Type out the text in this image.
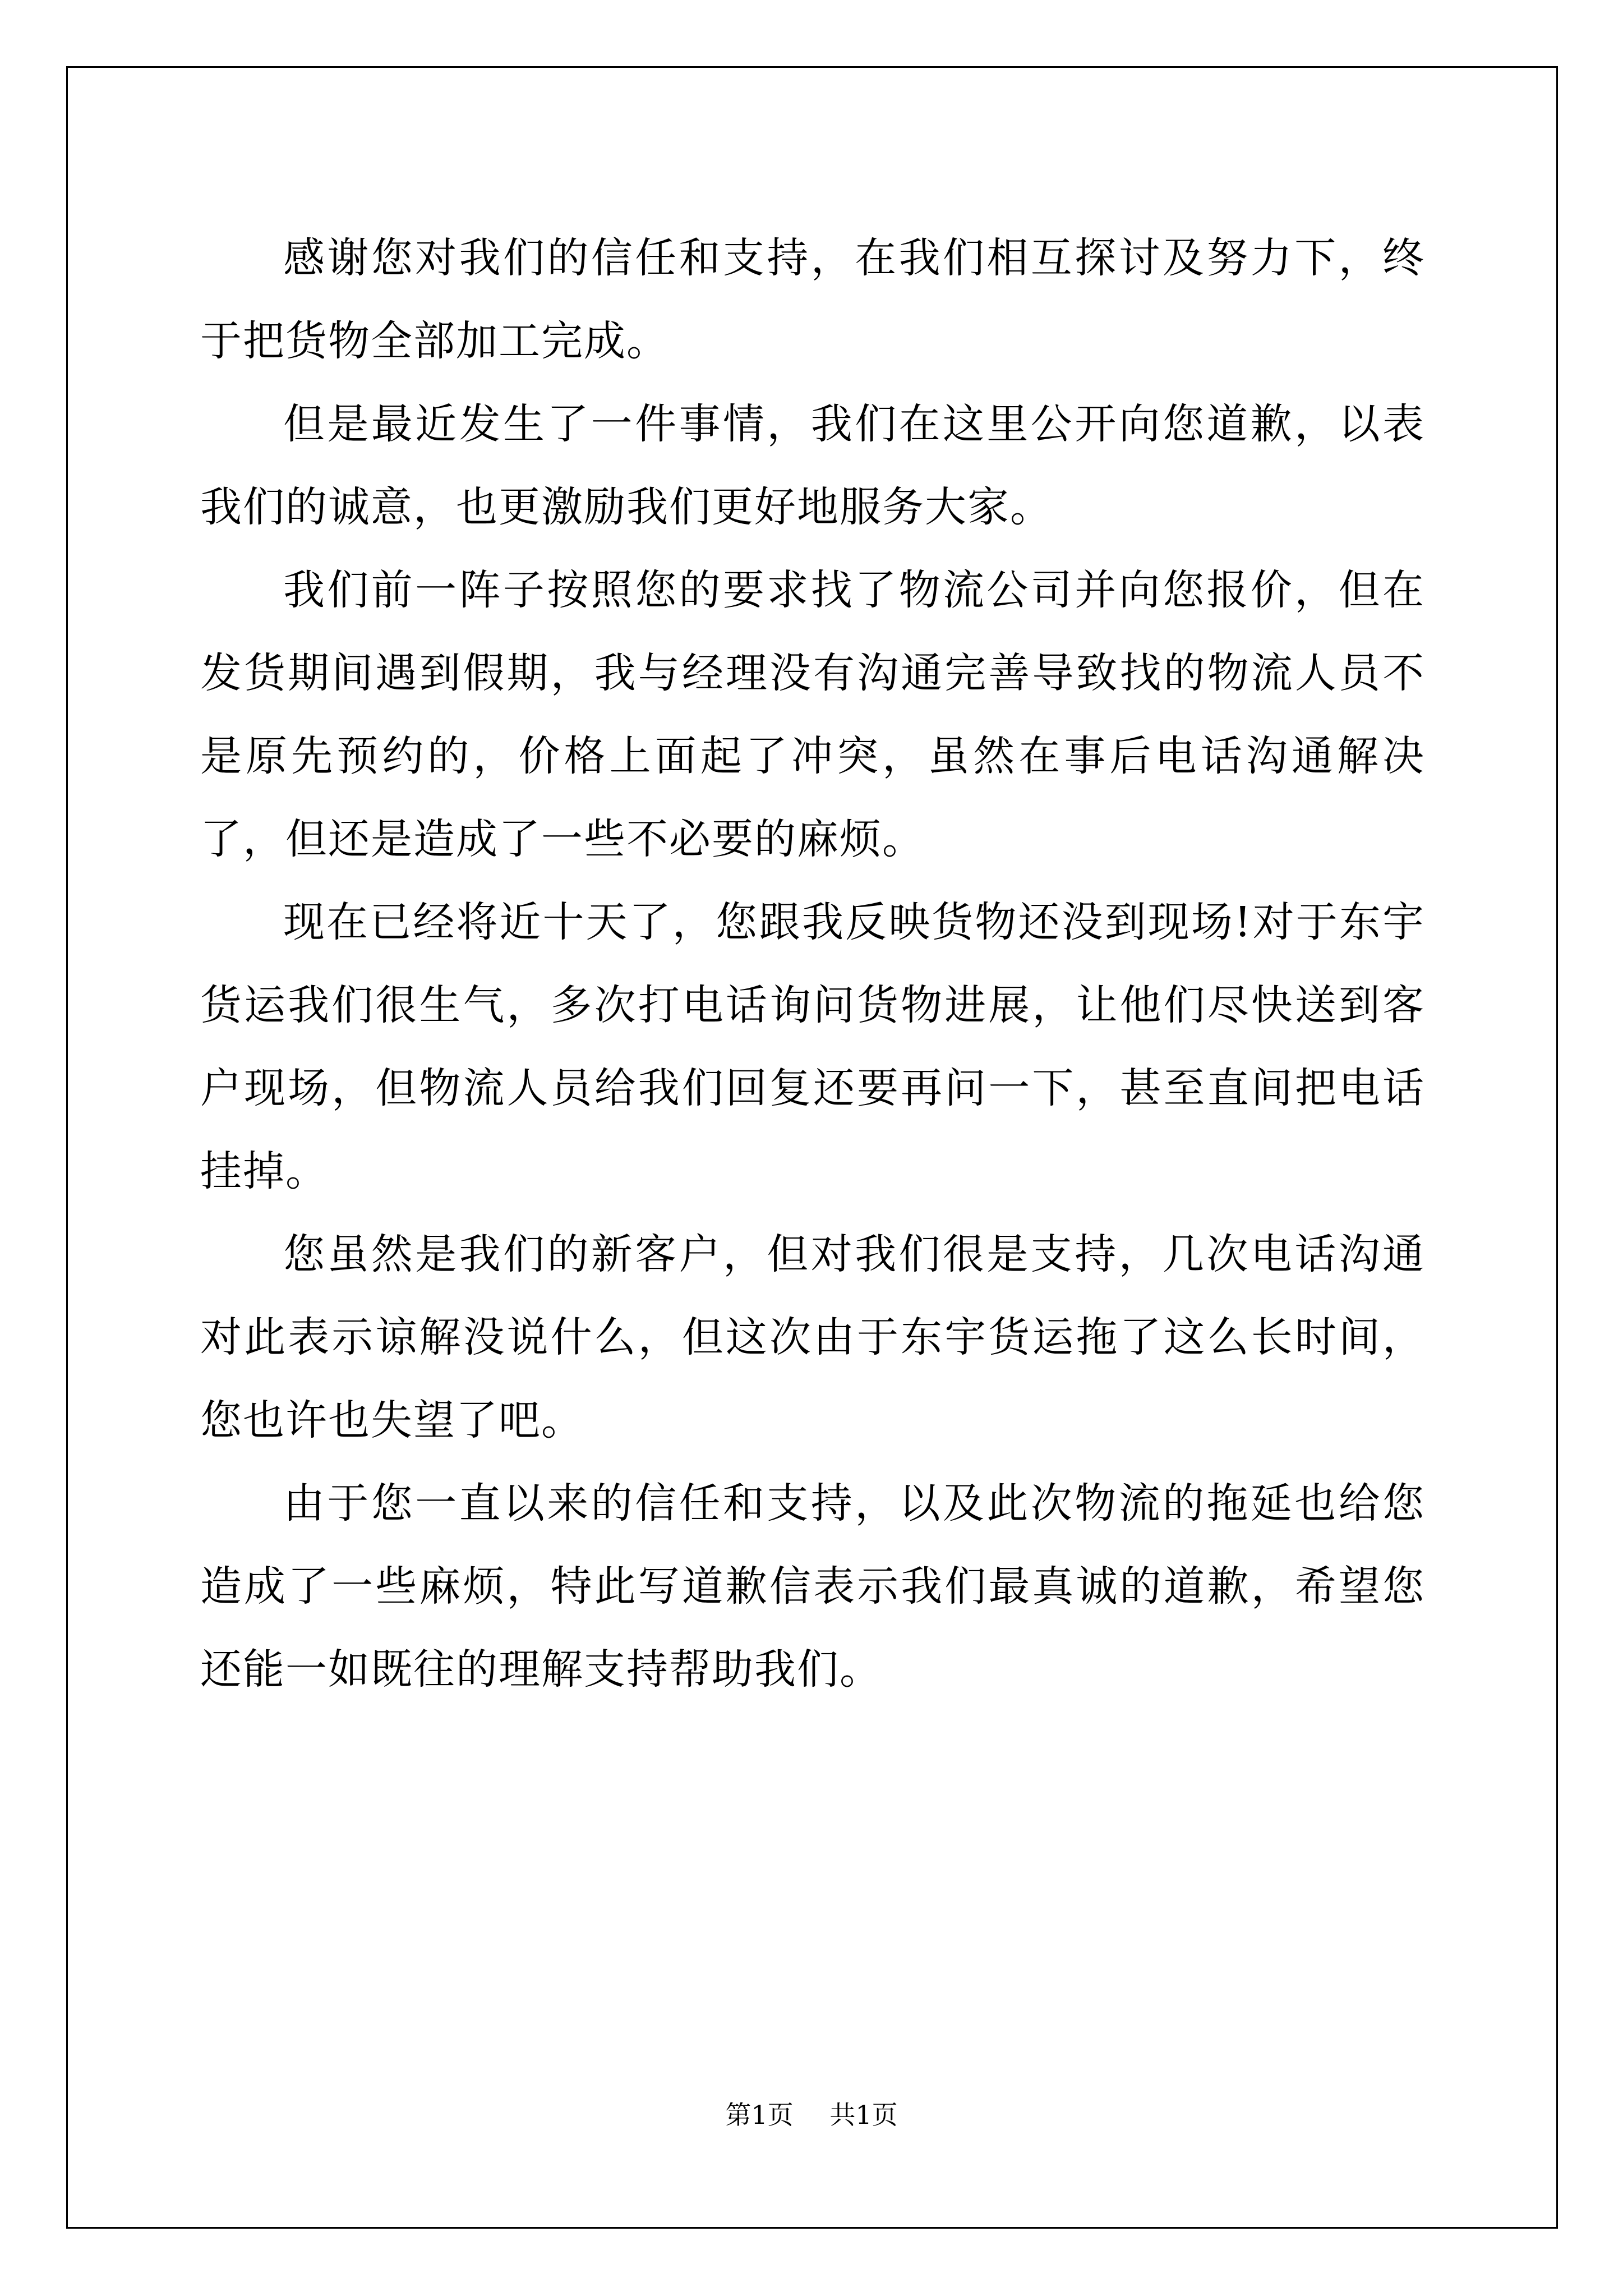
感谢您对我们的信任和支持，在我们相互探讨及努力下，终于把货物全部加工完成。

但是最近发生了一件事情，我们在这里公开向您道歉，以表我们的诚意，也更激励我们更好地服务大家。

我们前一阵子按照您的要求找了物流公司并向您报价，但在发货期间遇到假期，我与经理没有沟通完善导致找的物流人员不是原先预约的，价格上面起了冲突，虽然在事后电话沟通解决了，但还是造成了一些不必要的麻烦。

现在已经将近十天了，您跟我反映货物还没到现场!对于东宇货运我们很生气，多次打电话询问货物进展，让他们尽快送到客户现场，但物流人员给我们回复还要再问一下，甚至直间把电话挂掉。

您虽然是我们的新客户，但对我们很是支持，几次电话沟通对此表示谅解没说什么，但这次由于东宇货运拖了这么长时间，您也许也失望了吧。

由于您一直以来的信任和支持，以及此次物流的拖延也给您造成了一些麻烦，特此写道歉信表示我们最真诚的道歉，希望您还能一如既往的理解支持帮助我们。

第1页 共1页
